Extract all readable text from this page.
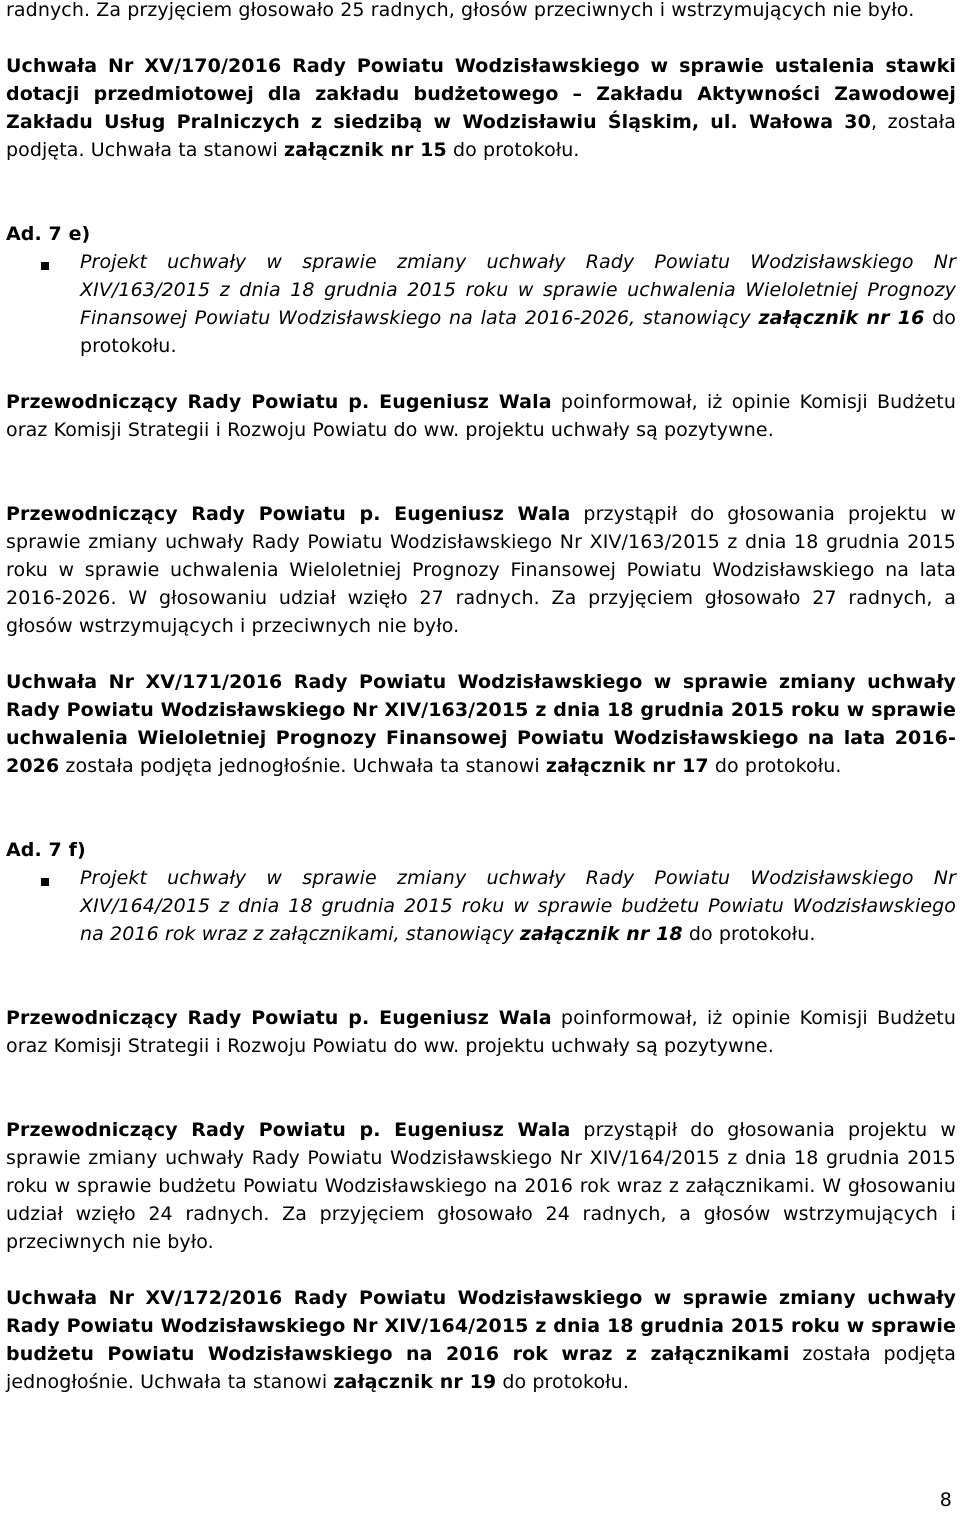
radnych. Za przyjęciem głosowało 25 radnych, głosów przeciwnych i wstrzymujących nie było.

Uchwała Nr XV/170/2016 Rady Powiatu Wodzisławskiego w sprawie ustalenia stawki dotacji przedmiotowej dla zakładu budżetowego – Zakładu Aktywności Zawodowej Zakładu Usług Pralniczych z siedzibą w Wodzisławiu Śląskim, ul. Wałowa 30, została podjęta. Uchwała ta stanowi załącznik nr 15 do protokołu.

Ad. 7 e)

Projekt uchwały w sprawie zmiany uchwały Rady Powiatu Wodzisławskiego Nr XIV/163/2015 z dnia 18 grudnia 2015 roku w sprawie uchwalenia Wieloletniej Prognozy Finansowej Powiatu Wodzisławskiego na lata 2016-2026, stanowiący załącznik nr 16 do protokołu.

Przewodniczący Rady Powiatu p. Eugeniusz Wala poinformował, iż opinie Komisji Budżetu oraz Komisji Strategii i Rozwoju Powiatu do ww. projektu uchwały są pozytywne.

Przewodniczący Rady Powiatu p. Eugeniusz Wala przystąpił do głosowania projektu w sprawie zmiany uchwały Rady Powiatu Wodzisławskiego Nr XIV/163/2015 z dnia 18 grudnia 2015 roku w sprawie uchwalenia Wieloletniej Prognozy Finansowej Powiatu Wodzisławskiego na lata 2016-2026. W głosowaniu udział wzięło 27 radnych. Za przyjęciem głosowało 27 radnych, a głosów wstrzymujących i przeciwnych nie było.

Uchwała Nr XV/171/2016 Rady Powiatu Wodzisławskiego w sprawie zmiany uchwały Rady Powiatu Wodzisławskiego Nr XIV/163/2015 z dnia 18 grudnia 2015 roku w sprawie uchwalenia Wieloletniej Prognozy Finansowej Powiatu Wodzisławskiego na lata 2016-2026 została podjęta jednogłośnie. Uchwała ta stanowi załącznik nr 17 do protokołu.

Ad. 7 f)

Projekt uchwały w sprawie zmiany uchwały Rady Powiatu Wodzisławskiego Nr XIV/164/2015 z dnia 18 grudnia 2015 roku w sprawie budżetu Powiatu Wodzisławskiego na 2016 rok wraz z załącznikami, stanowiący załącznik nr 18 do protokołu.

Przewodniczący Rady Powiatu p. Eugeniusz Wala poinformował, iż opinie Komisji Budżetu oraz Komisji Strategii i Rozwoju Powiatu do ww. projektu uchwały są pozytywne.

Przewodniczący Rady Powiatu p. Eugeniusz Wala przystąpił do głosowania projektu w sprawie zmiany uchwały Rady Powiatu Wodzisławskiego Nr XIV/164/2015 z dnia 18 grudnia 2015 roku w sprawie budżetu Powiatu Wodzisławskiego na 2016 rok wraz z załącznikami. W głosowaniu udział wzięło 24 radnych. Za przyjęciem głosowało 24 radnych, a głosów wstrzymujących i przeciwnych nie było.

Uchwała Nr XV/172/2016 Rady Powiatu Wodzisławskiego w sprawie zmiany uchwały Rady Powiatu Wodzisławskiego Nr XIV/164/2015 z dnia 18 grudnia 2015 roku w sprawie budżetu Powiatu Wodzisławskiego na 2016 rok wraz z załącznikami została podjęta jednogłośnie. Uchwała ta stanowi załącznik nr 19 do protokołu.

8
